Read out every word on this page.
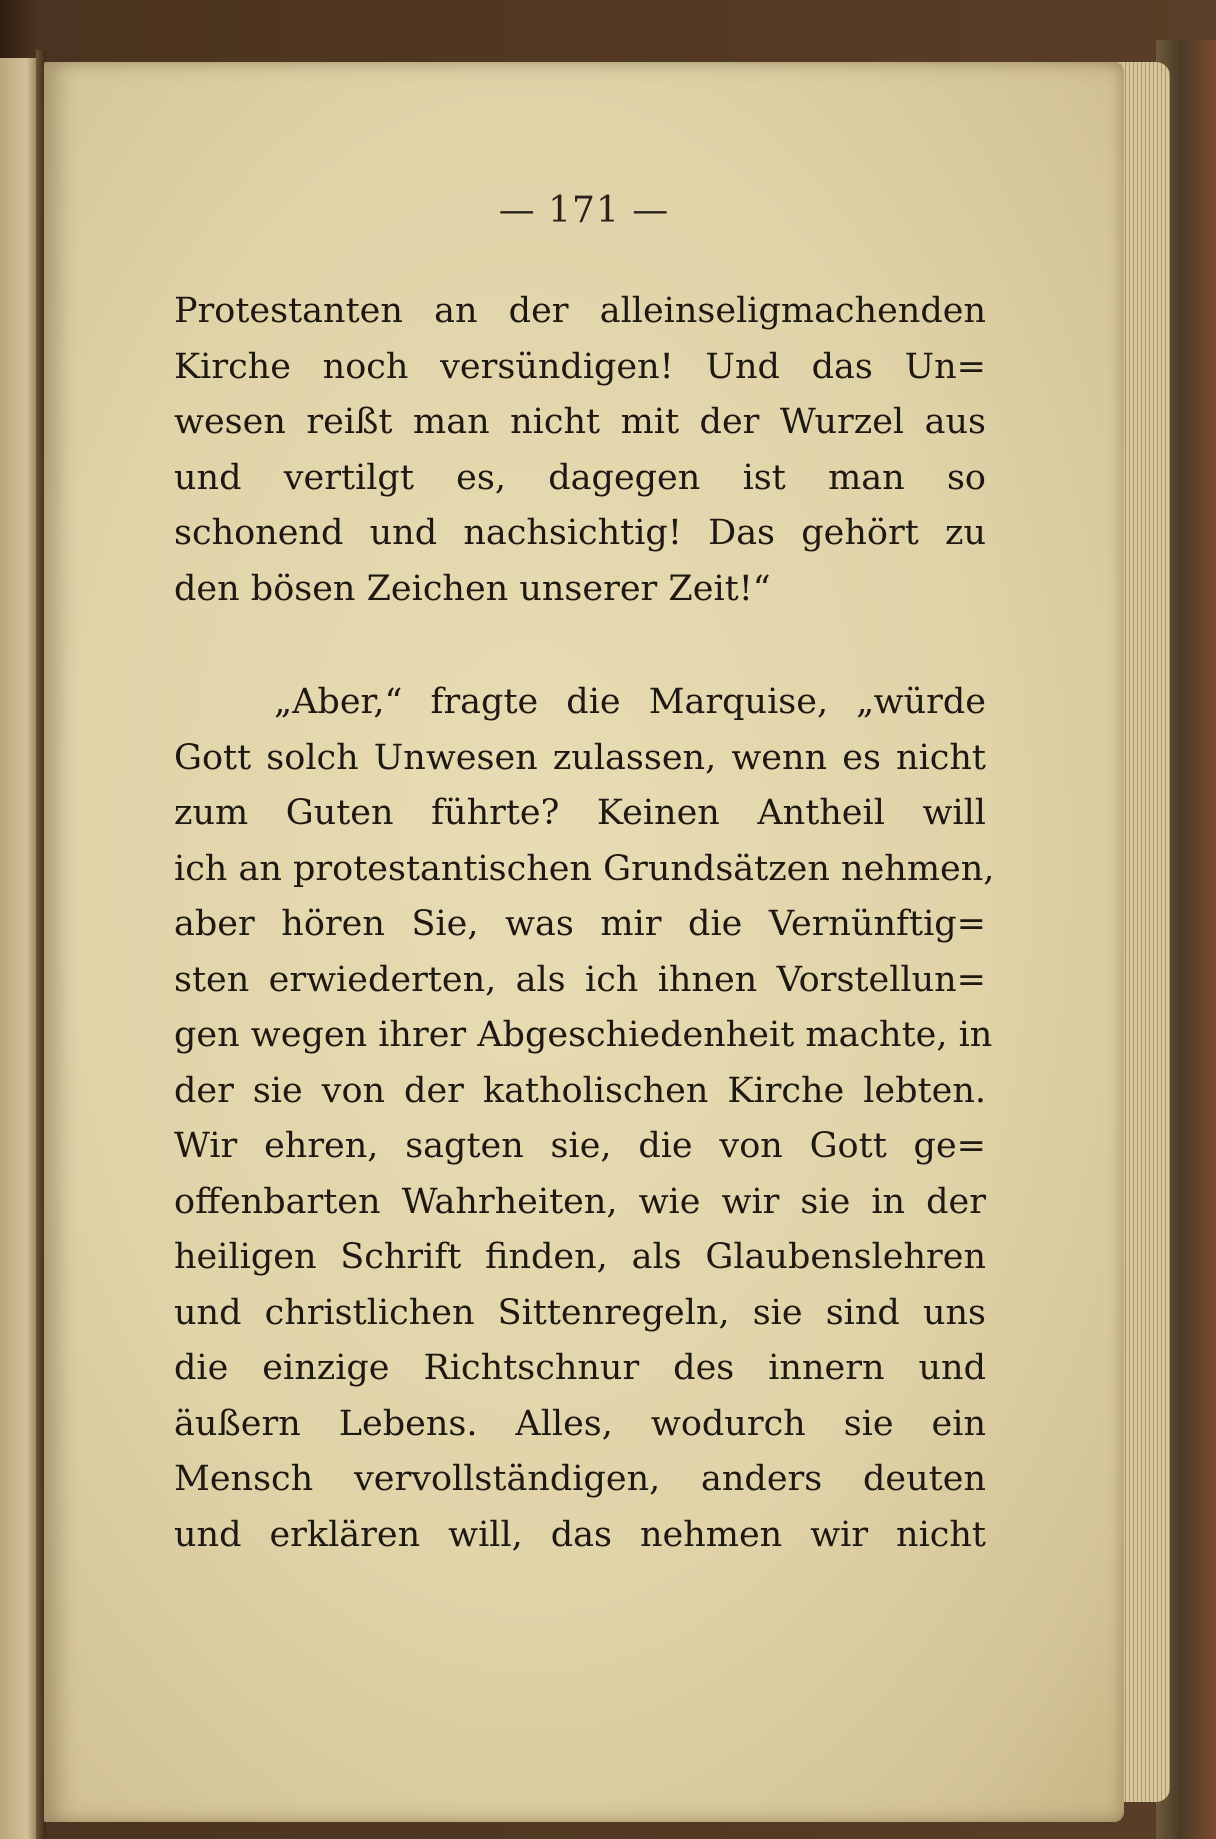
— 171 —
Protestanten an der alleinseligmachenden
Kirche noch versündigen! Und das Un=
wesen reißt man nicht mit der Wurzel aus
und vertilgt es, dagegen ist man so
schonend und nachsichtig! Das gehört zu
den bösen Zeichen unserer Zeit!“
„Aber,“ fragte die Marquise, „würde
Gott solch Unwesen zulassen, wenn es nicht
zum Guten führte? Keinen Antheil will
ich an protestantischen Grundsätzen nehmen,
aber hören Sie, was mir die Vernünftig=
sten erwiederten, als ich ihnen Vorstellun=
gen wegen ihrer Abgeschiedenheit machte, in
der sie von der katholischen Kirche lebten.
Wir ehren, sagten sie, die von Gott ge=
offenbarten Wahrheiten, wie wir sie in der
heiligen Schrift finden, als Glaubenslehren
und christlichen Sittenregeln, sie sind uns
die einzige Richtschnur des innern und
äußern Lebens. Alles, wodurch sie ein
Mensch vervollständigen, anders deuten
und erklären will, das nehmen wir nicht
